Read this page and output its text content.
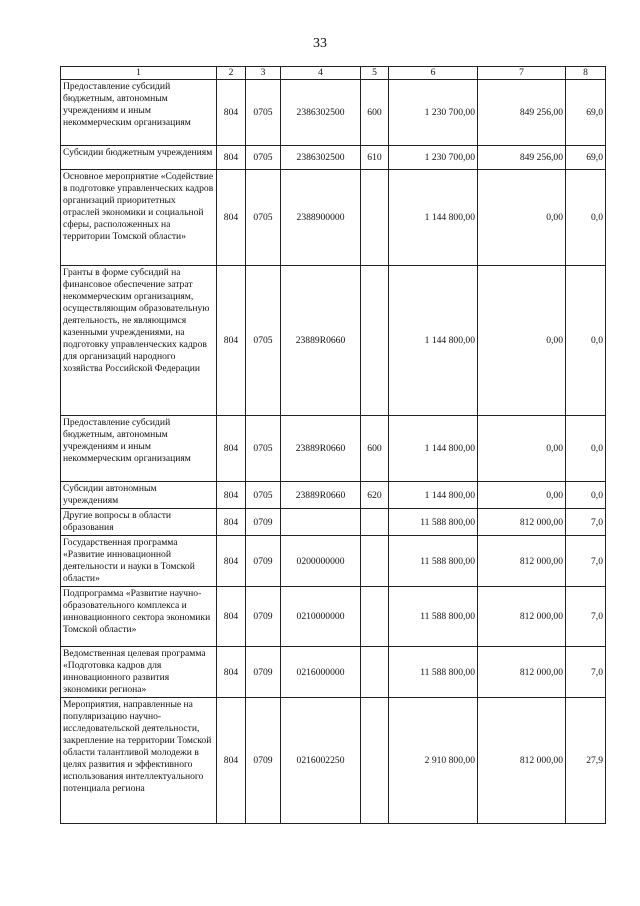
33
1	2	3	4	5	6	7	8
Предоставление субсидий бюджетным, автономным учреждениям и иным некоммерческим организациям	804	0705	2386302500	600	1 230 700,00	849 256,00	69,0
Субсидии бюджетным учреждениям	804	0705	2386302500	610	1 230 700,00	849 256,00	69,0
Основное мероприятие «Содействие в подготовке управленческих кадров организаций приоритетных отраслей экономики и социальной сферы, расположенных на территории Томской области»	804	0705	2388900000		1 144 800,00	0,00	0,0
Гранты в форме субсидий на финансовое обеспечение затрат некоммерческим организациям, осуществляющим образовательную деятельность, не являющимся казенными учреждениями, на подготовку управленческих кадров для организаций народного хозяйства Российской Федерации	804	0705	23889R0660		1 144 800,00	0,00	0,0
Предоставление субсидий бюджетным, автономным учреждениям и иным некоммерческим организациям	804	0705	23889R0660	600	1 144 800,00	0,00	0,0
Субсидии автономным учреждениям	804	0705	23889R0660	620	1 144 800,00	0,00	0,0
Другие вопросы в области образования	804	0709			11 588 800,00	812 000,00	7,0
Государственная программа «Развитие инновационной деятельности и науки в Томской области»	804	0709	0200000000		11 588 800,00	812 000,00	7,0
Подпрограмма «Развитие научно-образовательного комплекса и инновационного сектора экономики Томской области»	804	0709	0210000000		11 588 800,00	812 000,00	7,0
Ведомственная целевая программа «Подготовка кадров для инновационного развития экономики региона»	804	0709	0216000000		11 588 800,00	812 000,00	7,0
Мероприятия, направленные на популяризацию научно-исследовательской деятельности, закрепление на территории Томской области талантливой молодежи в целях развития и эффективного использования интеллектуального потенциала региона	804	0709	0216002250		2 910 800,00	812 000,00	27,9
